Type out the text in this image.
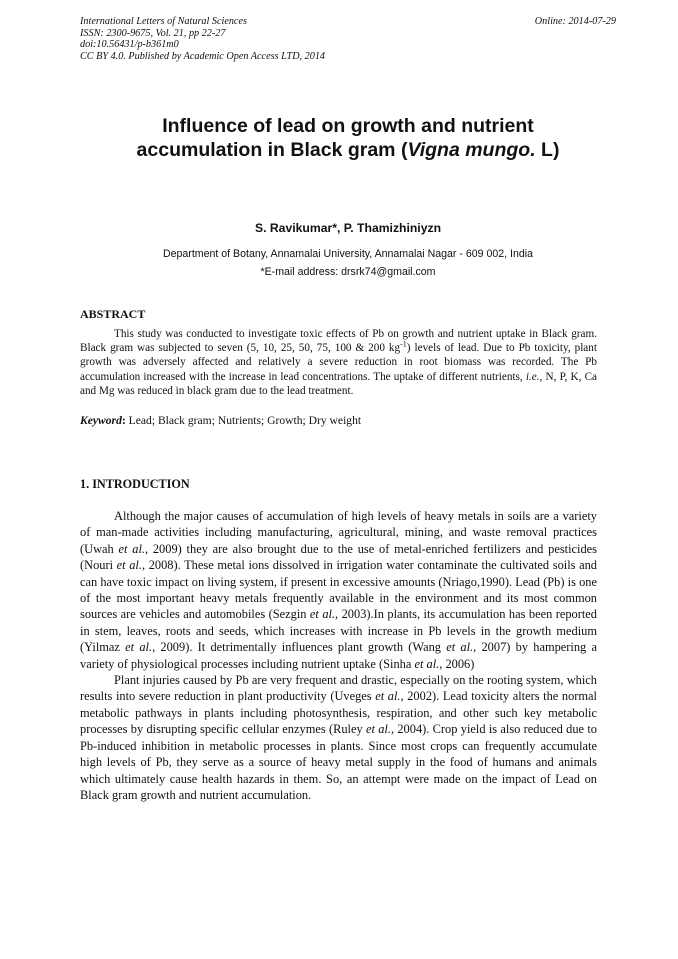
International Letters of Natural Sciences
ISSN: 2300-9675, Vol. 21, pp 22-27
doi:10.56431/p-b361m0
CC BY 4.0. Published by Academic Open Access LTD, 2014
Online: 2014-07-29
Influence of lead on growth and nutrient
accumulation in Black gram (Vigna mungo. L)
S. Ravikumar*, P. Thamizhiniyzn
Department of Botany, Annamalai University, Annamalai Nagar - 609 002, India
*E-mail address: drsrk74@gmail.com
ABSTRACT

This study was conducted to investigate toxic effects of Pb on growth and nutrient uptake in Black gram. Black gram was subjected to seven (5, 10, 25, 50, 75, 100 & 200 $kg^{-1}$) levels of lead. Due to Pb toxicity, plant growth was adversely affected and relatively a severe reduction in root biomass was recorded. The Pb accumulation increased with the increase in lead concentrations. The uptake of different nutrients, i.e., N, P, K, Ca and Mg was reduced in black gram due to the lead treatment.

Keyword: Lead; Black gram; Nutrients; Growth; Dry weight
1. INTRODUCTION

Although the major causes of accumulation of high levels of heavy metals in soils are a variety of man-made activities including manufacturing, agricultural, mining, and waste removal practices (Uwah et al., 2009) they are also brought due to the use of metal-enriched fertilizers and pesticides (Nouri et al., 2008). These metal ions dissolved in irrigation water contaminate the cultivated soils and can have toxic impact on living system, if present in excessive amounts (Nriago,1990). Lead (Pb) is one of the most important heavy metals frequently available in the environment and its most common sources are vehicles and automobiles (Sezgin et al., 2003).In plants, its accumulation has been reported in stem, leaves, roots and seeds, which increases with increase in Pb levels in the growth medium (Yilmaz et al., 2009). It detrimentally influences plant growth (Wang et al., 2007) by hampering a variety of physiological processes including nutrient uptake (Sinha et al., 2006)

Plant injuries caused by Pb are very frequent and drastic, especially on the rooting system, which results into severe reduction in plant productivity (Uveges et al., 2002). Lead toxicity alters the normal metabolic pathways in plants including photosynthesis, respiration, and other such key metabolic processes by disrupting specific cellular enzymes (Ruley et al., 2004). Crop yield is also reduced due to Pb-induced inhibition in metabolic processes in plants. Since most crops can frequently accumulate high levels of Pb, they serve as a source of heavy metal supply in the food of humans and animals which ultimately cause health hazards in them. So, an attempt were made on the impact of Lead on Black gram growth and nutrient accumulation.
